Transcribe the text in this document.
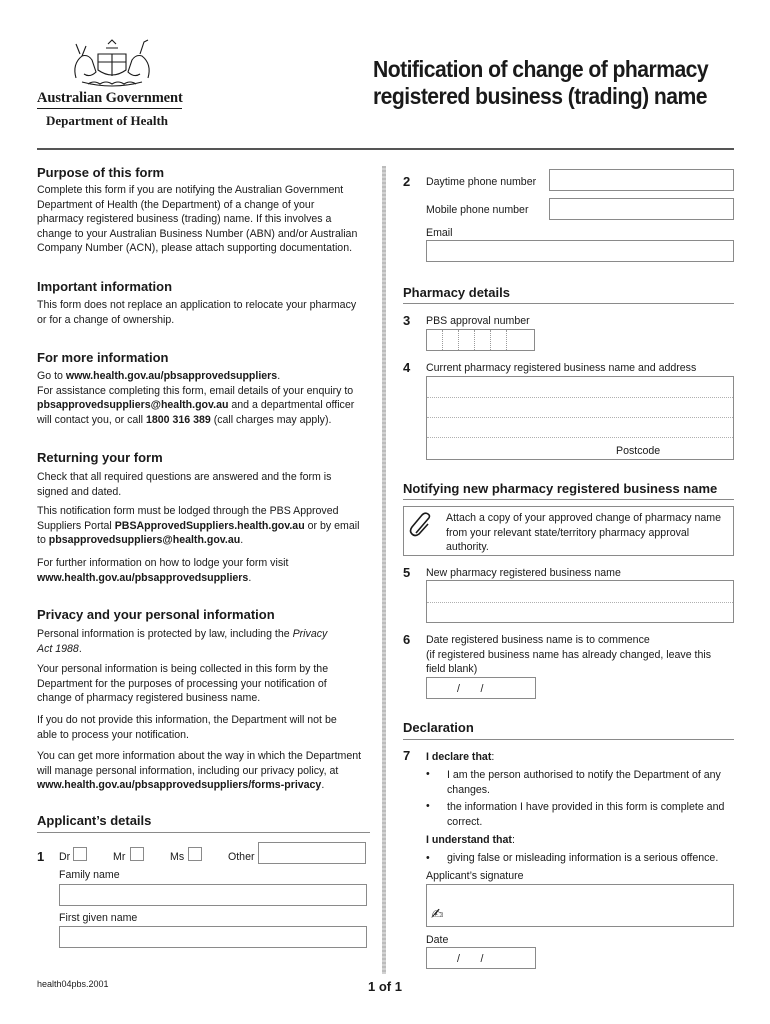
Australian Government
Department of Health
Notification of change of pharmacy
registered business (trading) name
Purpose of this form
Complete this form if you are notifying the Australian Government
Department of Health (the Department) of a change of your
pharmacy registered business (trading) name. If this involves a
change to your Australian Business Number (ABN) and/or Australian
Company Number (ACN), please attach supporting documentation.
Important information
This form does not replace an application to relocate your pharmacy
or for a change of ownership.
For more information
Go to www.health.gov.au/pbsapprovedsuppliers.
For assistance completing this form, email details of your enquiry to
pbsapprovedsuppliers@health.gov.au and a departmental officer
will contact you, or call 1800 316 389 (call charges may apply).
Returning your form
Check that all required questions are answered and the form is
signed and dated.
This notification form must be lodged through the PBS Approved
Suppliers Portal PBSApprovedSuppliers.health.gov.au or by email
to pbsapprovedsuppliers@health.gov.au.
For further information on how to lodge your form visit
www.health.gov.au/pbsapprovedsuppliers.
Privacy and your personal information
Personal information is protected by law, including the Privacy
Act 1988.
Your personal information is being collected in this form by the
Department for the purposes of processing your notification of
change of pharmacy registered business name.
If you do not provide this information, the Department will not be
able to process your notification.
You can get more information about the way in which the Department
will manage personal information, including our privacy policy, at
www.health.gov.au/pbsapprovedsuppliers/forms-privacy.
Applicant’s details
1 Dr	Mr	Ms	Other
Family name
First given name
2 Daytime phone number
Mobile phone number
Email
Pharmacy details
3 PBS approval number
4 Current pharmacy registered business name and address
Postcode
Notifying new pharmacy registered business name
Attach a copy of your approved change of pharmacy name
from your relevant state/territory pharmacy approval
authority.
5 New pharmacy registered business name
6 Date registered business name is to commence
(if registered business name has already changed, leave this
field blank)
/       /
Declaration
7 I declare that:
• I am the person authorised to notify the Department of any
changes.
• the information I have provided in this form is complete and
correct.
I understand that:
• giving false or misleading information is a serious offence.
Applicant’s signature
✍
Date
/       /
health04pbs.2001	1 of 1
